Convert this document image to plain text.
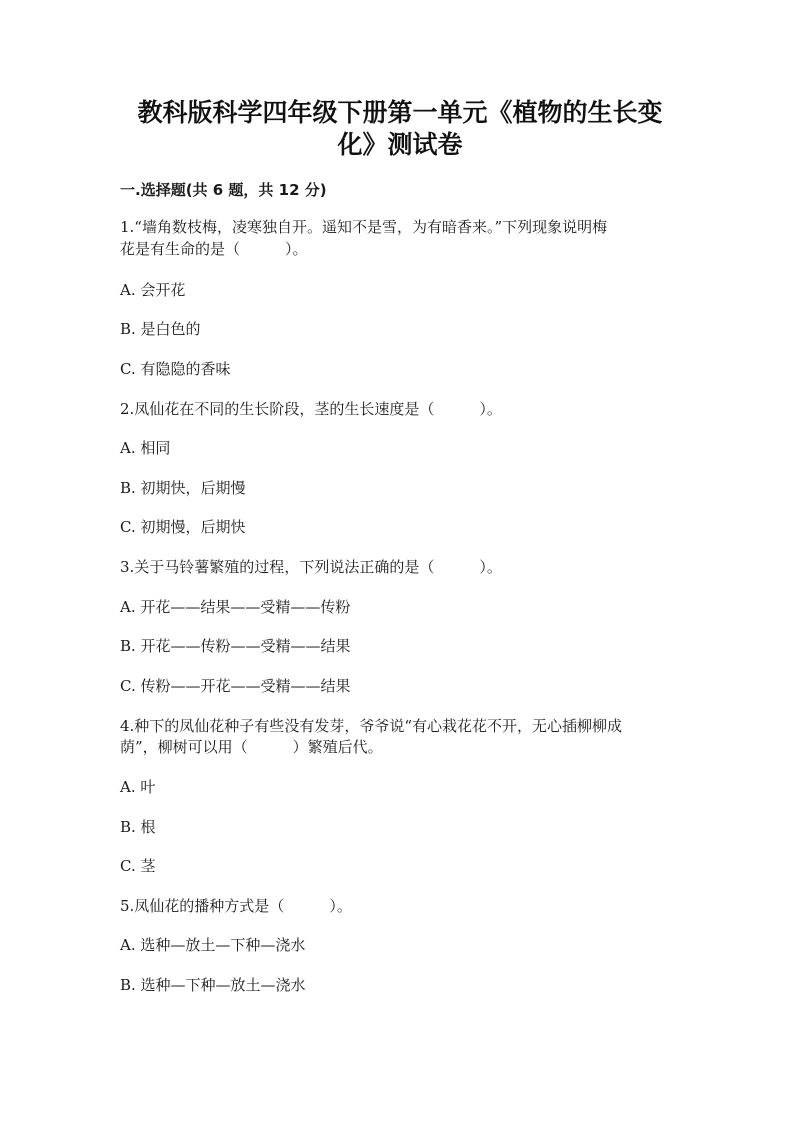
教科版科学四年级下册第一单元《植物的生长变
化》测试卷
一.选择题(共 6 题，共 12 分)
1.“墙角数枝梅，凌寒独自开。遥知不是雪，为有暗香来。”下列现象说明梅
花是有生命的是（　　　）。
A. 会开花
B. 是白色的
C. 有隐隐的香味
2.凤仙花在不同的生长阶段，茎的生长速度是（　　　）。
A. 相同
B. 初期快，后期慢
C. 初期慢，后期快
3.关于马铃薯繁殖的过程，下列说法正确的是（　　　）。
A. 开花——结果——受精——传粉
B. 开花——传粉——受精——结果
C. 传粉——开花——受精——结果
4.种下的凤仙花种子有些没有发芽，爷爷说“有心栽花花不开，无心插柳柳成
荫”，柳树可以用（　　　）繁殖后代。
A. 叶
B. 根
C. 茎
5.凤仙花的播种方式是（　　　）。
A. 选种—放土—下种—浇水
B. 选种—下种—放土—浇水
